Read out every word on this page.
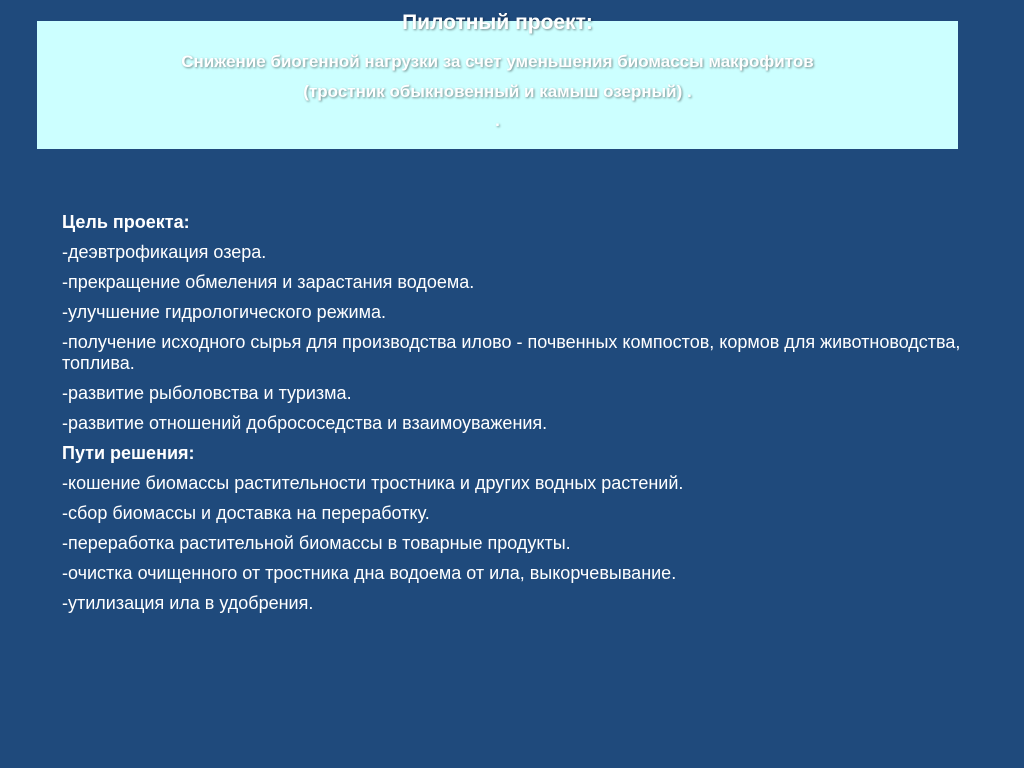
Пилотный проект:
Снижение биогенной нагрузки за счет уменьшения биомассы макрофитов
(тростник обыкновенный и камыш озерный) .
.
Цель проекта:
-деэвтрофикация озера.
-прекращение обмеления и зарастания водоема.
-улучшение гидрологического режима.
-получение исходного сырья для производства илово - почвенных компостов, кормов для животноводства, топлива.
-развитие рыболовства и туризма.
-развитие отношений добрососедства и взаимоуважения.
Пути решения:
-кошение биомассы растительности тростника и других водных растений.
-сбор биомассы и доставка на переработку.
-переработка растительной биомассы в товарные продукты.
-очистка очищенного от тростника дна водоема от ила, выкорчевывание.
-утилизация ила в удобрения.
